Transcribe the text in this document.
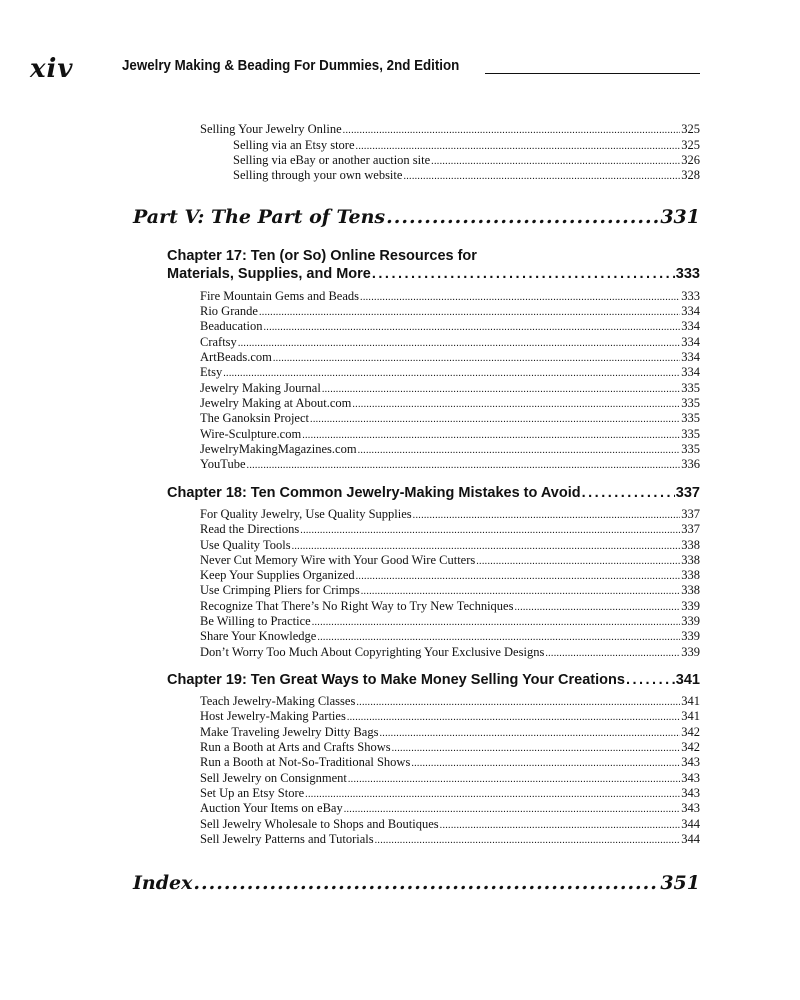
xiv	Jewelry Making & Beading For Dummies, 2nd Edition
Selling Your Jewelry Online .....	325
Selling via an Etsy store .....	325
Selling via eBay or another auction site .....	326
Selling through your own website .....	328
Part V: The Part of Tens .....	331
Chapter 17: Ten (or So) Online Resources for
Materials, Supplies, and More .....	333
Fire Mountain Gems and Beads .....	333
Rio Grande .....	334
Beaducation .....	334
Craftsy .....	334
ArtBeads.com .....	334
Etsy .....	334
Jewelry Making Journal .....	335
Jewelry Making at About.com .....	335
The Ganoksin Project .....	335
Wire-Sculpture.com .....	335
JewelryMakingMagazines.com .....	335
YouTube .....	336
Chapter 18: Ten Common Jewelry-Making Mistakes to Avoid .....	337
For Quality Jewelry, Use Quality Supplies .....	337
Read the Directions .....	337
Use Quality Tools .....	338
Never Cut Memory Wire with Your Good Wire Cutters .....	338
Keep Your Supplies Organized .....	338
Use Crimping Pliers for Crimps .....	338
Recognize That There’s No Right Way to Try New Techniques .....	339
Be Willing to Practice .....	339
Share Your Knowledge .....	339
Don’t Worry Too Much About Copyrighting Your Exclusive Designs .....	339
Chapter 19: Ten Great Ways to Make Money Selling Your Creations .....	341
Teach Jewelry-Making Classes .....	341
Host Jewelry-Making Parties .....	341
Make Traveling Jewelry Ditty Bags .....	342
Run a Booth at Arts and Crafts Shows .....	342
Run a Booth at Not-So-Traditional Shows .....	343
Sell Jewelry on Consignment .....	343
Set Up an Etsy Store .....	343
Auction Your Items on eBay .....	343
Sell Jewelry Wholesale to Shops and Boutiques .....	344
Sell Jewelry Patterns and Tutorials .....	344
Index .....	351
